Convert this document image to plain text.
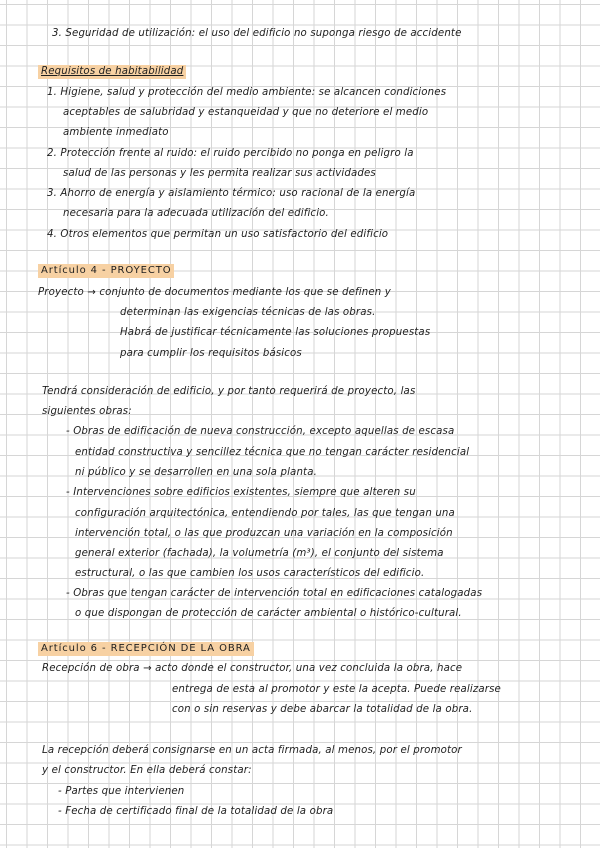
3. Seguridad de utilización: el uso del edificio no suponga riesgo de accidente
Requisitos de habitabilidad
1. Higiene, salud y protección del medio ambiente: se alcancen condiciones
aceptables de salubridad y estanqueidad y que no deteriore el medio
ambiente inmediato
2. Protección frente al ruido: el ruido percibido no ponga en peligro la
salud de las personas y les permita realizar sus actividades
3. Ahorro de energía y aislamiento térmico: uso racional de la energía
necesaria para la adecuada utilización del edificio.
4. Otros elementos que permitan un uso satisfactorio del edificio
Artículo 4 - PROYECTO
Proyecto → conjunto de documentos mediante los que se definen y
determinan las exigencias técnicas de las obras.
Habrá de justificar técnicamente las soluciones propuestas
para cumplir los requisitos básicos
Tendrá consideración de edificio, y por tanto requerirá de proyecto, las
siguientes obras:
- Obras de edificación de nueva construcción, excepto aquellas de escasa
entidad constructiva y sencillez técnica que no tengan carácter residencial
ni público y se desarrollen en una sola planta.
- Intervenciones sobre edificios existentes, siempre que alteren su
configuración arquitectónica, entendiendo por tales, las que tengan una
intervención total, o las que produzcan una variación en la composición
general exterior (fachada), la volumetría (m³), el conjunto del sistema
estructural, o las que cambien los usos característicos del edificio.
- Obras que tengan carácter de intervención total en edificaciones catalogadas
o que dispongan de protección de carácter ambiental o histórico-cultural.
Artículo 6 - RECEPCIÓN DE LA OBRA
Recepción de obra → acto donde el constructor, una vez concluida la obra, hace
entrega de esta al promotor y este la acepta. Puede realizarse
con o sin reservas y debe abarcar la totalidad de la obra.
La recepción deberá consignarse en un acta firmada, al menos, por el promotor
y el constructor. En ella deberá constar:
- Partes que intervienen
- Fecha de certificado final de la totalidad de la obra
